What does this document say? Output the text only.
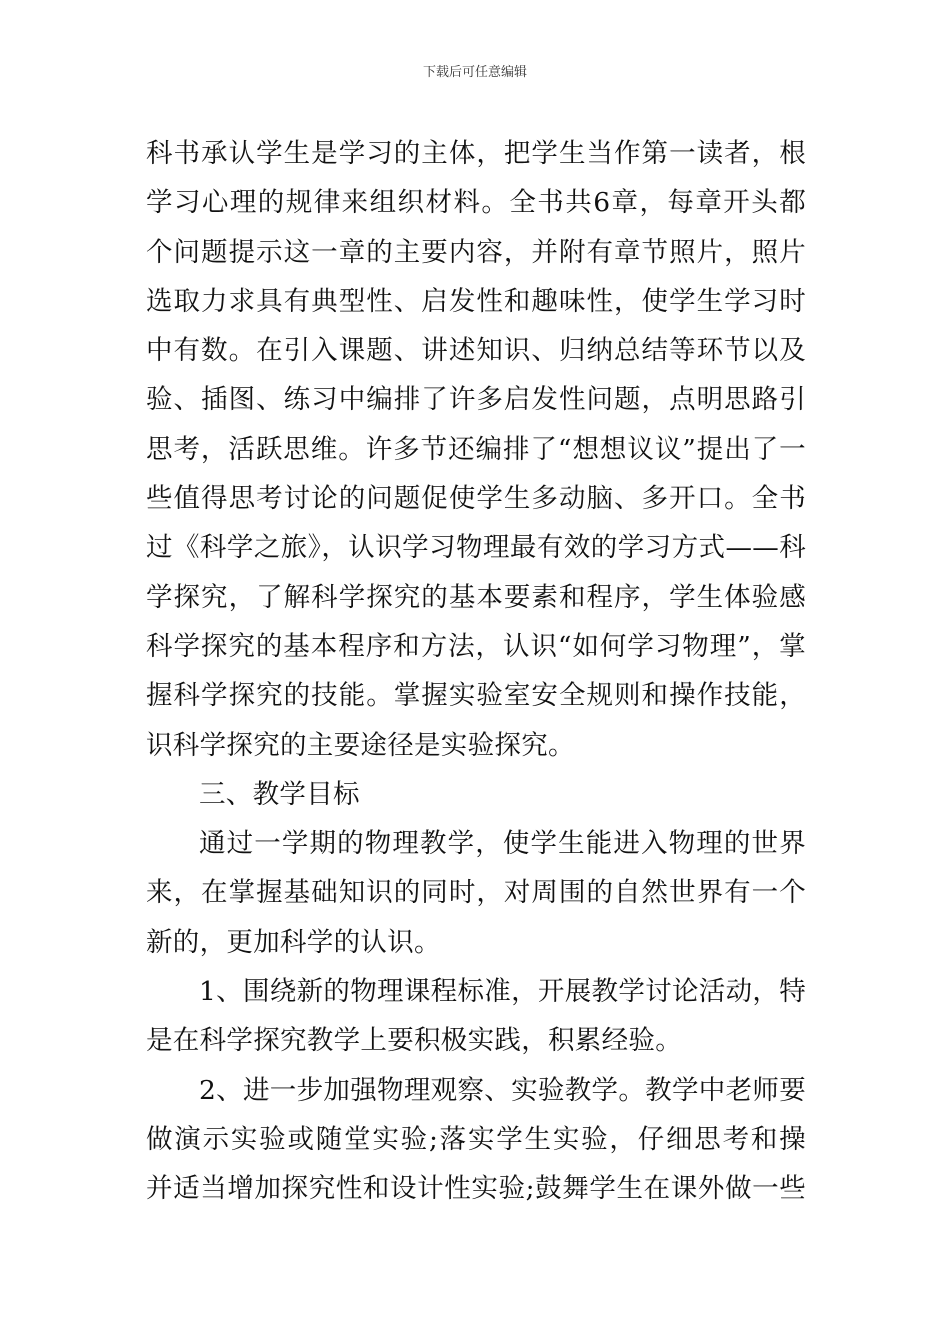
下载后可任意编辑
科书承认学生是学习的主体，把学生当作第一读者，根
学习心理的规律来组织材料。全书共6章，每章开头都
个问题提示这一章的主要内容，并附有章节照片，照片
选取力求具有典型性、启发性和趣味性，使学生学习时
中有数。在引入课题、讲述知识、归纳总结等环节以及
验、插图、练习中编排了许多启发性问题，点明思路引
思考，活跃思维。许多节还编排了“想想议议”提出了一
些值得思考讨论的问题促使学生多动脑、多开口。全书
过《科学之旅》，认识学习物理最有效的学习方式——科
学探究，了解科学探究的基本要素和程序，学生体验感
科学探究的基本程序和方法，认识“如何学习物理”，掌
握科学探究的技能。掌握实验室安全规则和操作技能，
识科学探究的主要途径是实验探究。
三、教学目标
通过一学期的物理教学，使学生能进入物理的世界
来，在掌握基础知识的同时，对周围的自然世界有一个
新的，更加科学的认识。
1、围绕新的物理课程标准，开展教学讨论活动，特
是在科学探究教学上要积极实践，积累经验。
2、进一步加强物理观察、实验教学。教学中老师要
做演示实验或随堂实验;落实学生实验，仔细思考和操
并适当增加探究性和设计性实验;鼓舞学生在课外做一些
